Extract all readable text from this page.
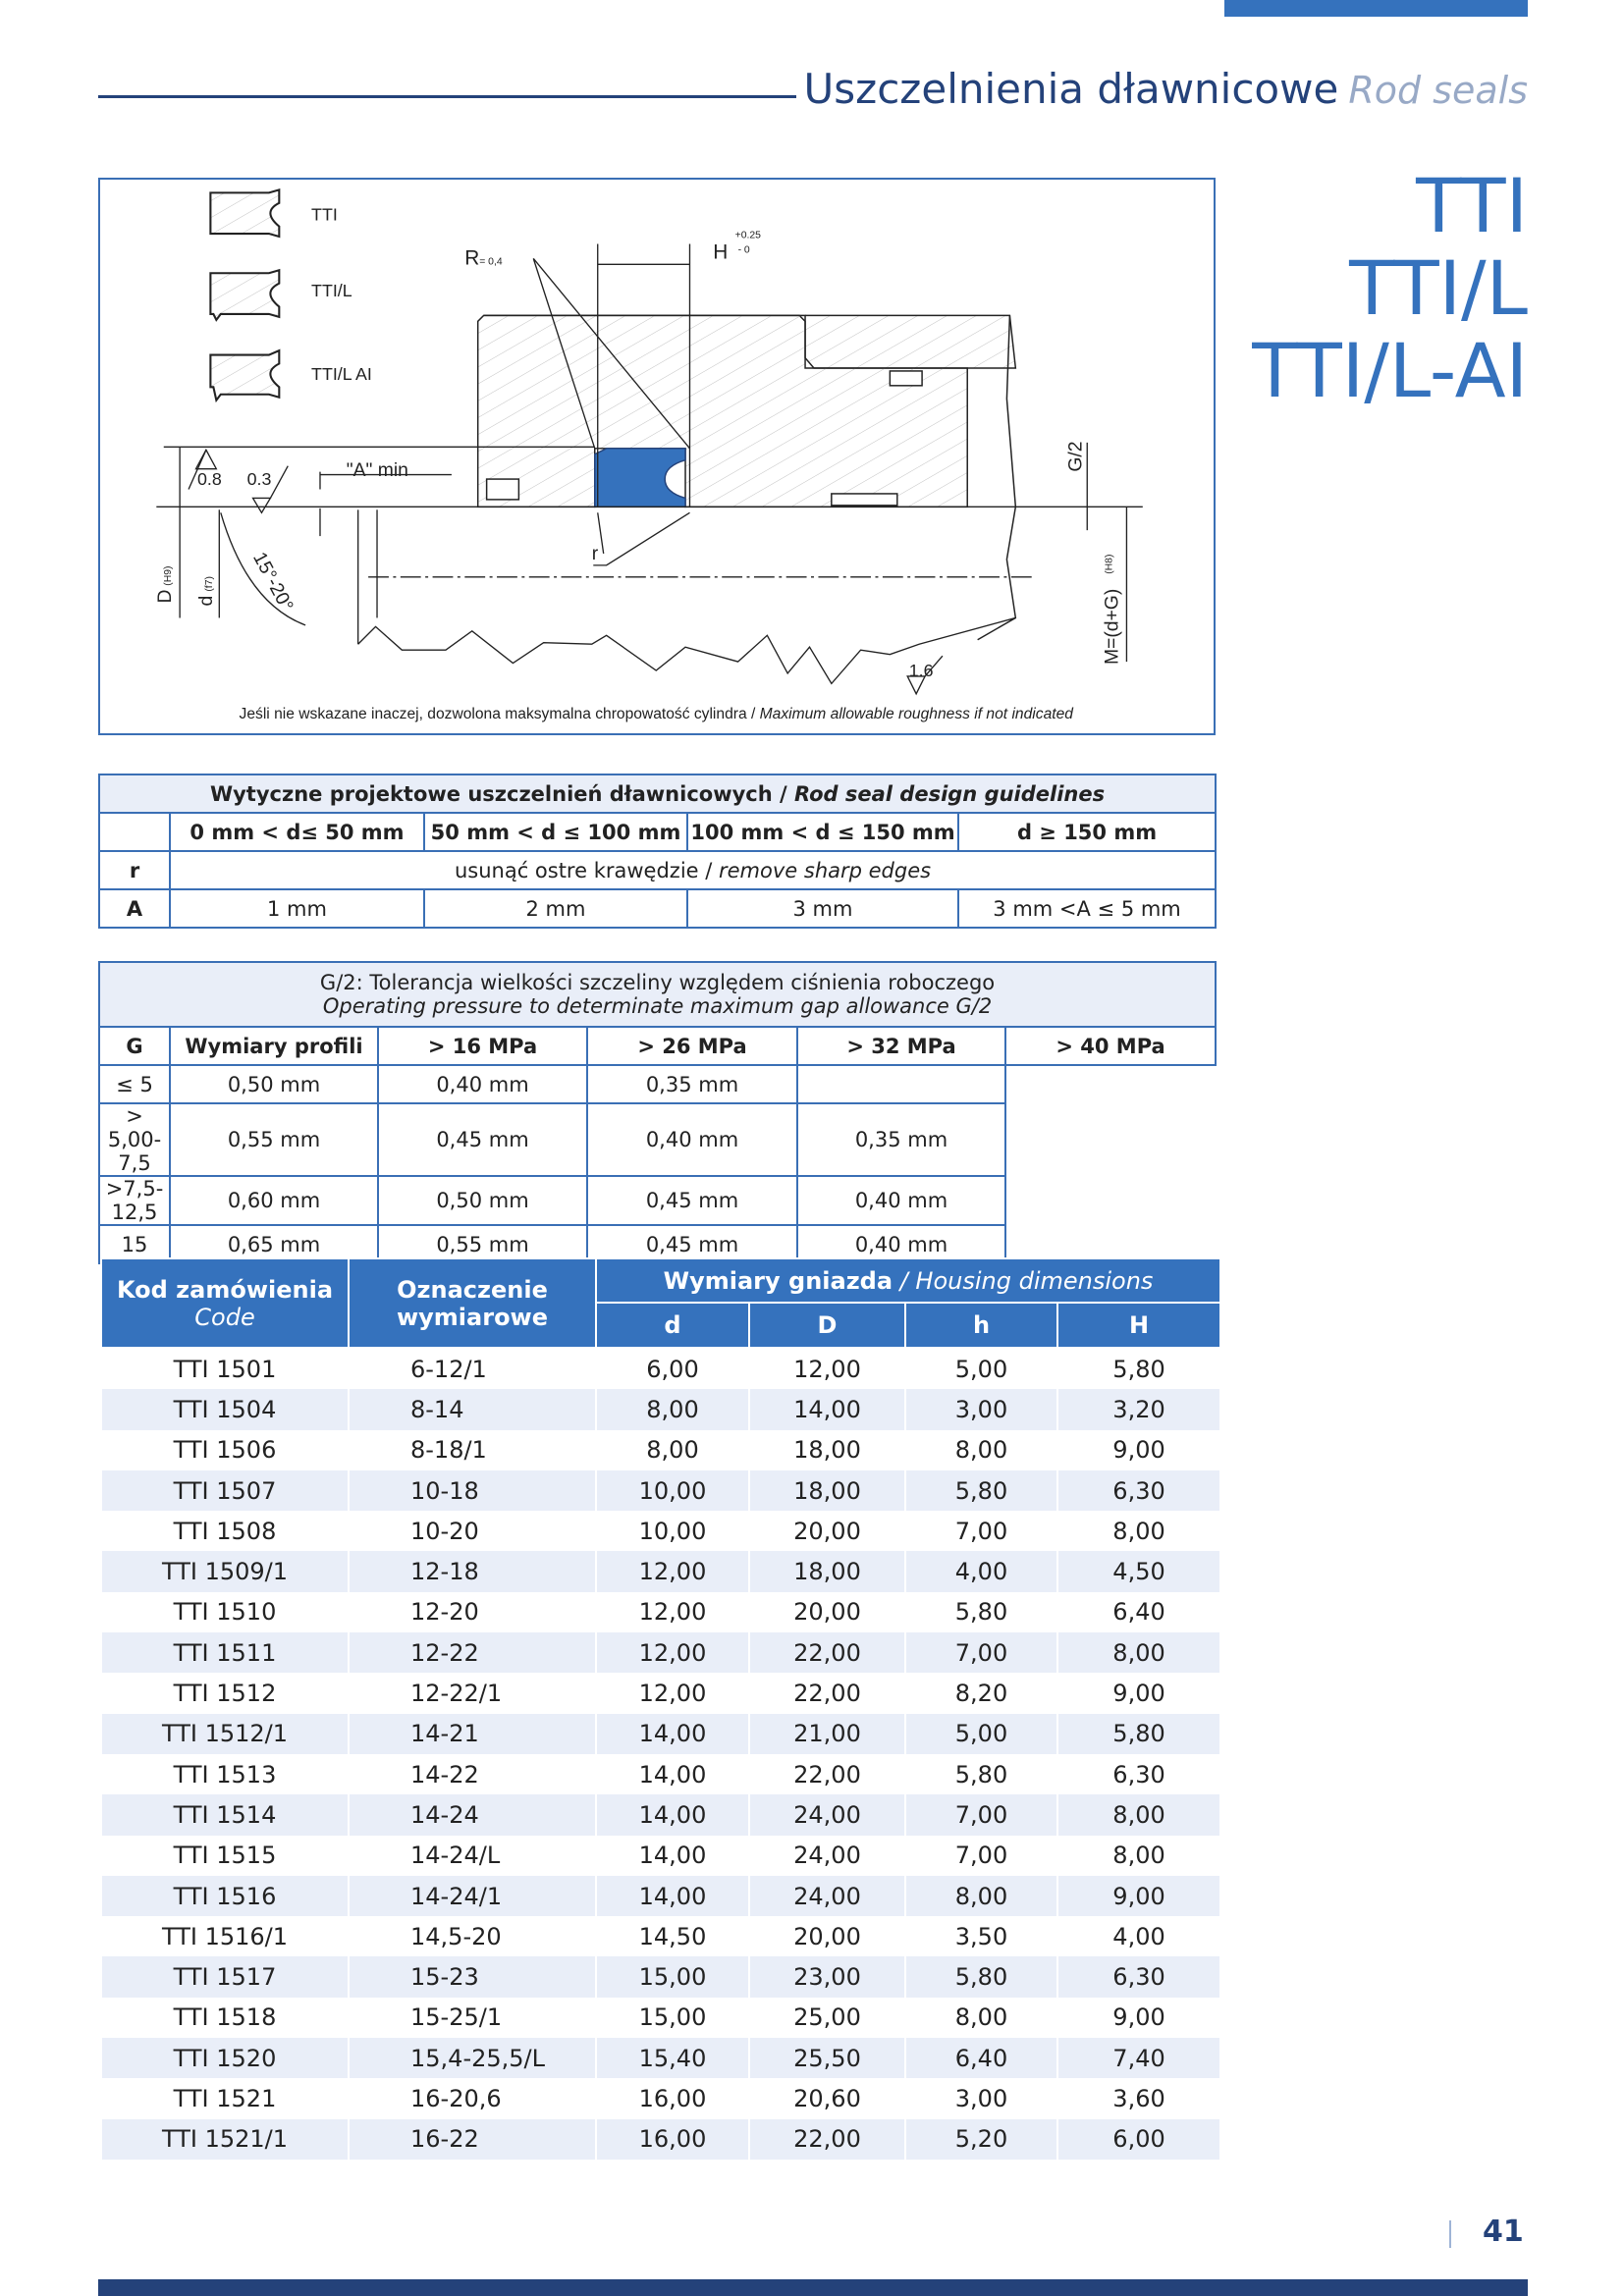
Uszczelnienia dławnicowe Rod seals
TTI
TTI/L
TTI/L-AI
TTI
TTI/L
TTI/L AI
R = 0,4	H
+0.25
- 0
"A" min
0.8 0.3
r
1.6
D
(H9)
d
(f7)	15°-20°
G/2
M=(d+G)
(H8)
Jeśli nie wskazane inaczej, dozwolona maksymalna chropowatość cylindra / Maximum allowable roughness if not indicated
Wytyczne projektowe uszczelnień dławnicowych / Rod seal design guidelines				
	0 mm < d≤ 50 mm	50 mm < d ≤ 100 mm	100 mm < d ≤ 150 mm	d ≥ 150 mm
r	usunąć ostre krawędzie / remove sharp edges			
A	1 mm	2 mm	3 mm	3 mm <A ≤ 5 mm
G/2: Tolerancja wielkości szczeliny względem ciśnienia roboczego
Operating pressure to determinate maximum gap allowance G/2					

G	Wymiary profili	> 16 MPa	> 26 MPa	> 32 MPa	> 40 MPa
≤ 5	0,50 mm	0,40 mm	0,35 mm		
> 5,00-7,5	0,55 mm	0,45 mm	0,40 mm	0,35 mm	
>7,5-12,5	0,60 mm	0,50 mm	0,45 mm	0,40 mm	
15	0,65 mm	0,55 mm	0,45 mm	0,40 mm	
Kod zamówienia
Code	Oznaczenie wymiarowe	Wymiary gniazda / Housing dimensions			
		d	D	h	H
TTI 1501	6-12/1	6,00	12,00	5,00	5,80
TTI 1504	8-14	8,00	14,00	3,00	3,20
TTI 1506	8-18/1	8,00	18,00	8,00	9,00
TTI 1507	10-18	10,00	18,00	5,80	6,30
TTI 1508	10-20	10,00	20,00	7,00	8,00
TTI 1509/1	12-18	12,00	18,00	4,00	4,50
TTI 1510	12-20	12,00	20,00	5,80	6,40
TTI 1511	12-22	12,00	22,00	7,00	8,00
TTI 1512	12-22/1	12,00	22,00	8,20	9,00
TTI 1512/1	14-21	14,00	21,00	5,00	5,80
TTI 1513	14-22	14,00	22,00	5,80	6,30
TTI 1514	14-24	14,00	24,00	7,00	8,00
TTI 1515	14-24/L	14,00	24,00	7,00	8,00
TTI 1516	14-24/1	14,00	24,00	8,00	9,00
TTI 1516/1	14,5-20	14,50	20,00	3,50	4,00
TTI 1517	15-23	15,00	23,00	5,80	6,30
TTI 1518	15-25/1	15,00	25,00	8,00	9,00
TTI 1520	15,4-25,5/L	15,40	25,50	6,40	7,40
TTI 1521	16-20,6	16,00	20,60	3,00	3,60
TTI 1521/1	16-22	16,00	22,00	5,20	6,00
41
